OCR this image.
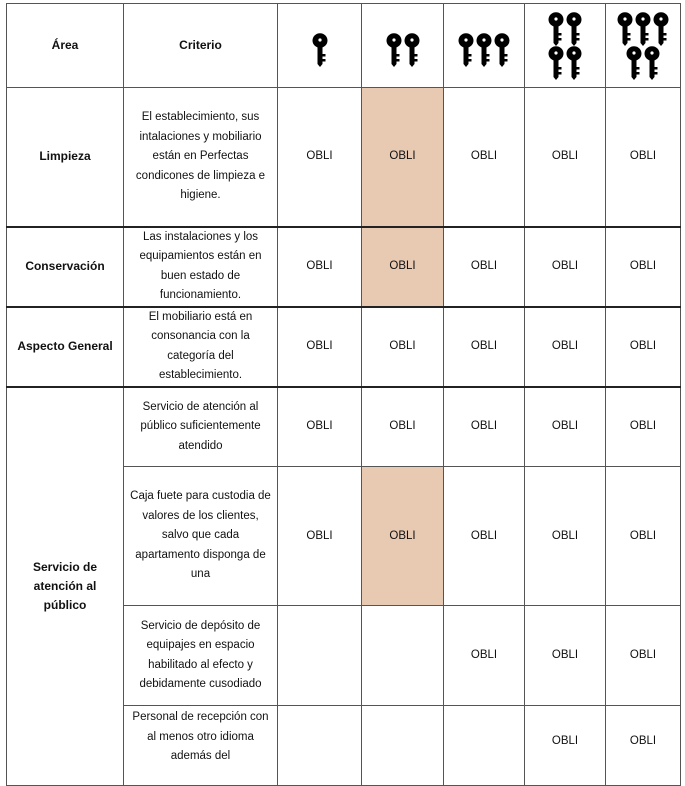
Área	Criterio	

Limpieza	El establecimiento, sus intalaciones y mobiliario están en Perfectas condicones de limpieza e higiene.	OBLI	OBLI	OBLI	OBLI	OBLI
Conservación	Las instalaciones y los equipamientos están en buen estado de funcionamiento.	OBLI	OBLI	OBLI	OBLI	OBLI
Aspecto General	El mobiliario está en consonancia con la categoría del establecimiento.	OBLI	OBLI	OBLI	OBLI	OBLI
Servicio de atención al público	Servicio de atención al público suficientemente atendido	OBLI	OBLI	OBLI	OBLI	OBLI
	Caja fuete para custodia de valores de los clientes, salvo que cada apartamento disponga de una	OBLI	OBLI	OBLI	OBLI	OBLI
	Servicio de depósito de equipajes en espacio habilitado al efecto y debidamente cusodiado			OBLI	OBLI	OBLI
	Personal de recepción con al menos otro idioma además del				OBLI	OBLI
